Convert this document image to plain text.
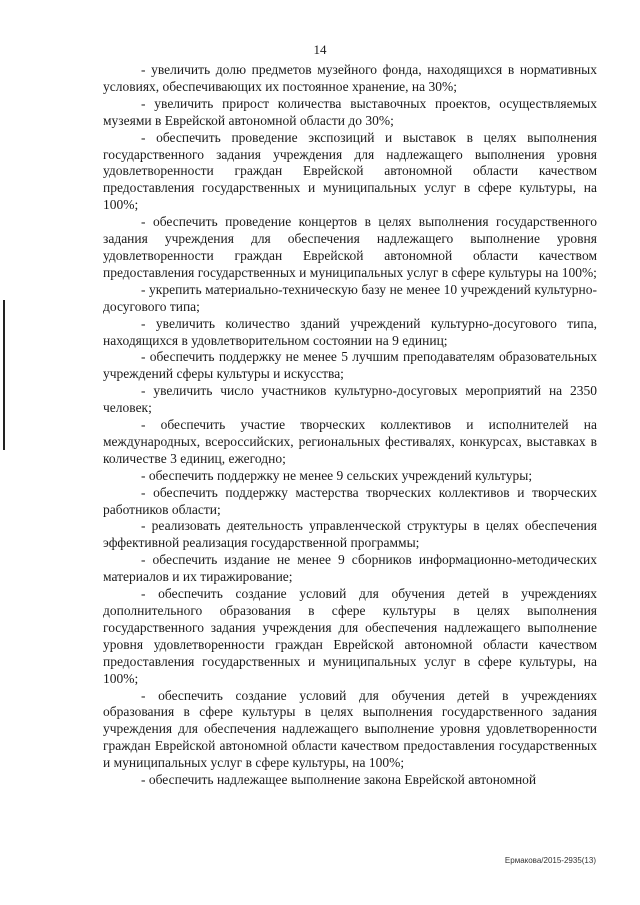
14

- увеличить долю предметов музейного фонда, находящихся в нормативных условиях, обеспечивающих их постоянное хранение, на 30%;

- увеличить прирост количества выставочных проектов, осуществляемых музеями в Еврейской автономной области до 30%;

- обеспечить проведение экспозиций и выставок в целях выполнения государственного задания учреждения для надлежащего выполнения уровня удовлетворенности граждан Еврейской автономной области качеством предоставления государственных и муниципальных услуг в сфере культуры, на 100%;

- обеспечить проведение концертов в целях выполнения государственного задания учреждения для обеспечения надлежащего выполнение уровня удовлетворенности граждан Еврейской автономной области качеством предоставления государственных и муниципальных услуг в сфере культуры на 100%;

- укрепить материально-техническую базу не менее 10 учреждений культурно-досугового типа;

- увеличить количество зданий учреждений культурно-досугового типа, находящихся в удовлетворительном состоянии на 9 единиц;

- обеспечить поддержку не менее 5 лучшим преподавателям образовательных учреждений сферы культуры и искусства;

- увеличить число участников культурно-досуговых мероприятий на 2350 человек;

- обеспечить участие творческих коллективов и исполнителей на международных, всероссийских, региональных фестивалях, конкурсах, выставках в количестве 3 единиц, ежегодно;

- обеспечить поддержку не менее 9 сельских учреждений культуры;

- обеспечить поддержку мастерства творческих коллективов и творческих работников области;

- реализовать деятельность управленческой структуры в целях обеспечения эффективной реализация государственной программы;

- обеспечить издание не менее 9 сборников информационно-методических материалов и их тиражирование;

- обеспечить создание условий для обучения детей в учреждениях дополнительного образования в сфере культуры в целях выполнения государственного задания учреждения для обеспечения надлежащего выполнение уровня удовлетворенности граждан Еврейской автономной области качеством предоставления государственных и муниципальных услуг в сфере культуры, на 100%;

- обеспечить создание условий для обучения детей в учреждениях образования в сфере культуры в целях выполнения государственного задания учреждения для обеспечения надлежащего выполнение уровня удовлетворенности граждан Еврейской автономной области качеством предоставления государственных и муниципальных услуг в сфере культуры, на 100%;

- обеспечить надлежащее выполнение закона Еврейской автономной

Ермакова/2015-2935(13)
